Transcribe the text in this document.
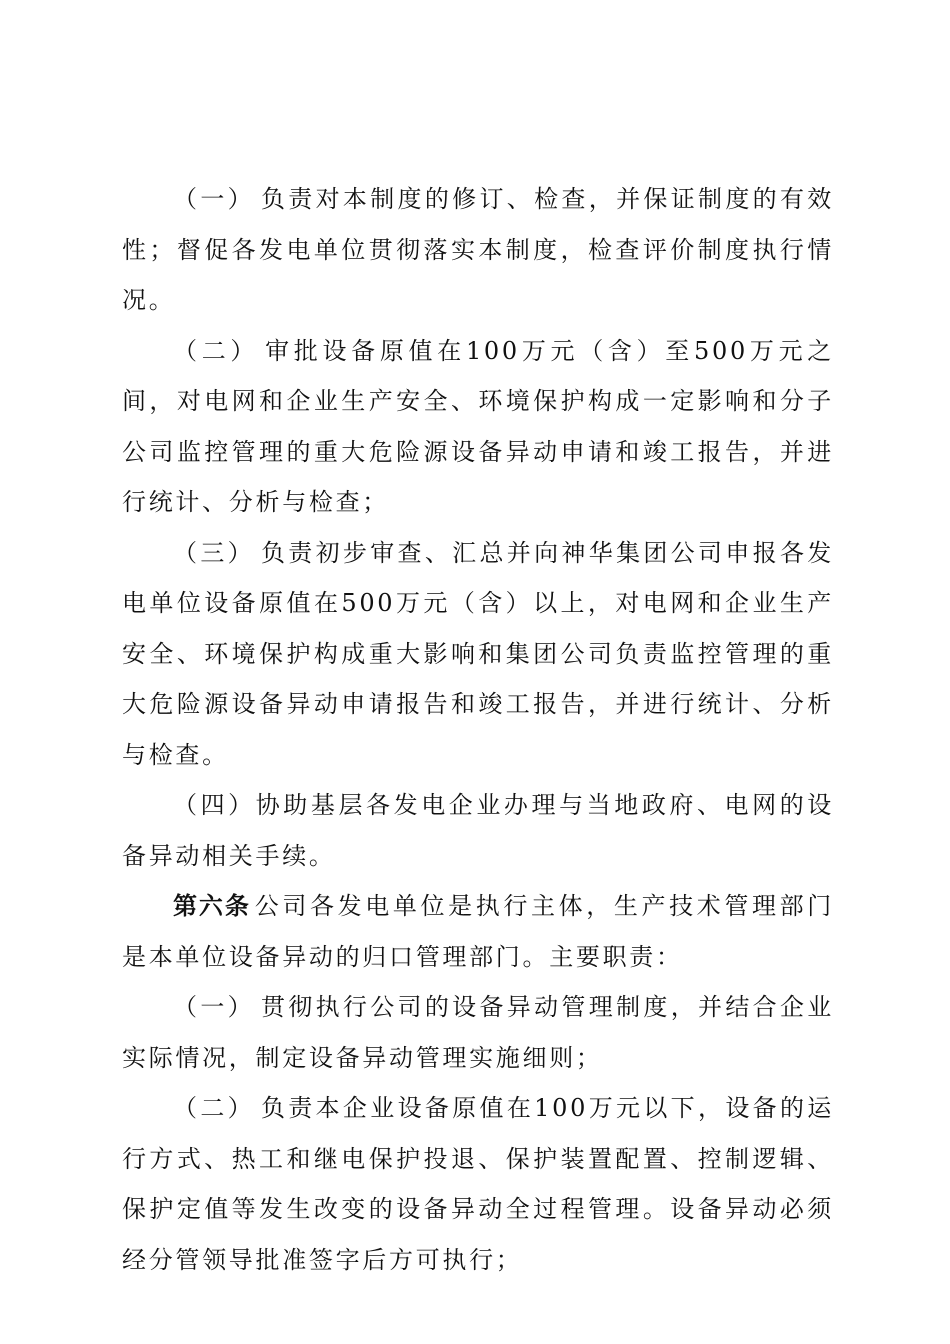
（一） 负责对本制度的修订、检查，并保证制度的有效性；督促各发电单位贯彻落实本制度，检查评价制度执行情况。

（二） 审批设备原值在100万元（含）至500万元之间，对电网和企业生产安全、环境保护构成一定影响和分子公司监控管理的重大危险源设备异动申请和竣工报告，并进行统计、分析与检查；

（三） 负责初步审查、汇总并向神华集团公司申报各发电单位设备原值在500万元（含）以上，对电网和企业生产安全、环境保护构成重大影响和集团公司负责监控管理的重大危险源设备异动申请报告和竣工报告，并进行统计、分析与检查。

（四）协助基层各发电企业办理与当地政府、电网的设备异动相关手续。

第六条 公司各发电单位是执行主体，生产技术管理部门是本单位设备异动的归口管理部门。主要职责：

（一） 贯彻执行公司的设备异动管理制度，并结合企业实际情况，制定设备异动管理实施细则；

（二） 负责本企业设备原值在100万元以下，设备的运行方式、热工和继电保护投退、保护装置配置、控制逻辑、保护定值等发生改变的设备异动全过程管理。设备异动必须经分管领导批准签字后方可执行；
